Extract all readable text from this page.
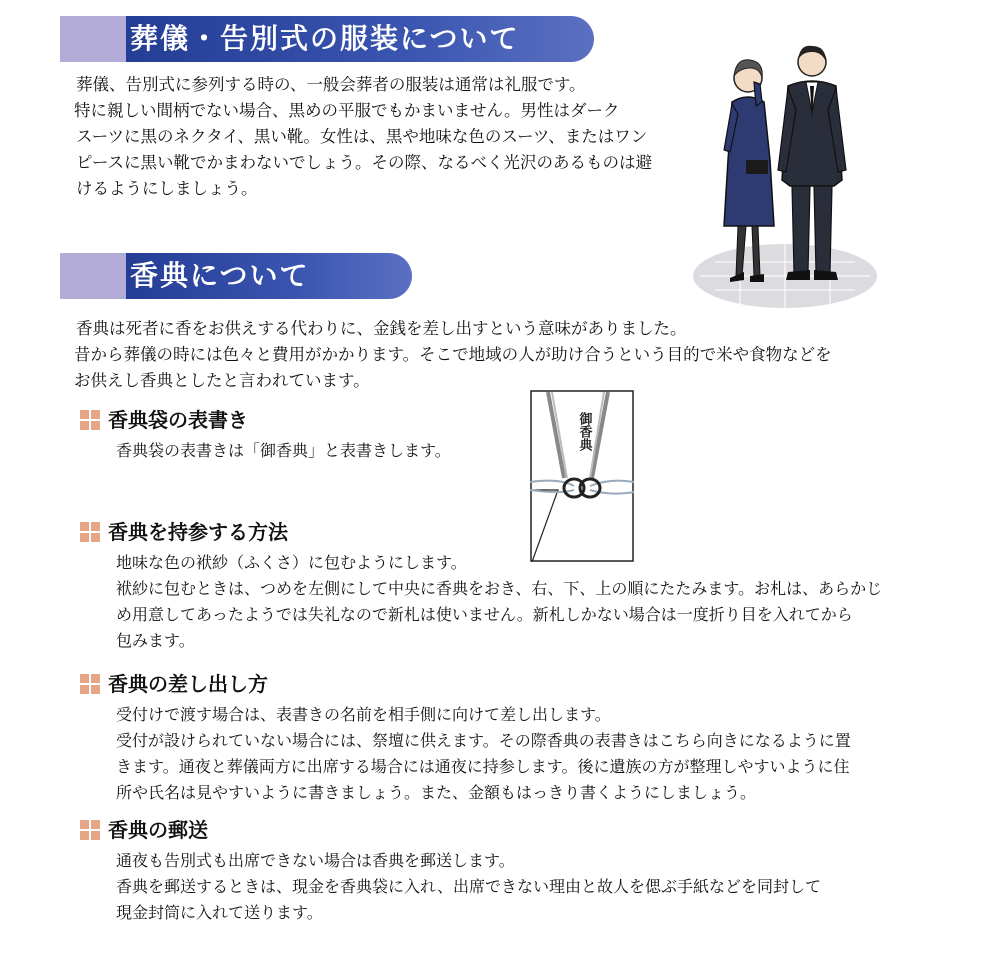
葬儀・告別式の服装について

葬儀、告別式に参列する時の、一般会葬者の服装は通常は礼服です。
特に親しい間柄でない場合、黒めの平服でもかまいません。男性はダーク
スーツに黒のネクタイ、黒い靴。女性は、黒や地味な色のスーツ、またはワン
ピースに黒い靴でかまわないでしょう。その際、なるべく光沢のあるものは避
けるようにしましょう。

香典について

香典は死者に香をお供えする代わりに、金銭を差し出すという意味がありました。
昔から葬儀の時には色々と費用がかかります。そこで地域の人が助け合うという目的で米や食物などを
お供えし香典としたと言われています。

御香典
香典袋の表書き

香典袋の表書きは「御香典」と表書きします。

香典を持参する方法

地味な色の袱紗（ふくさ）に包むようにします。
袱紗に包むときは、つめを左側にして中央に香典をおき、右、下、上の順にたたみます。お札は、あらかじ
め用意してあったようでは失礼なので新札は使いません。新札しかない場合は一度折り目を入れてから
包みます。

香典の差し出し方

受付けで渡す場合は、表書きの名前を相手側に向けて差し出します。
受付が設けられていない場合には、祭壇に供えます。その際香典の表書きはこちら向きになるように置
きます。通夜と葬儀両方に出席する場合には通夜に持参します。後に遺族の方が整理しやすいように住
所や氏名は見やすいように書きましょう。また、金額もはっきり書くようにしましょう。

香典の郵送

通夜も告別式も出席できない場合は香典を郵送します。
香典を郵送するときは、現金を香典袋に入れ、出席できない理由と故人を偲ぶ手紙などを同封して
現金封筒に入れて送ります。
